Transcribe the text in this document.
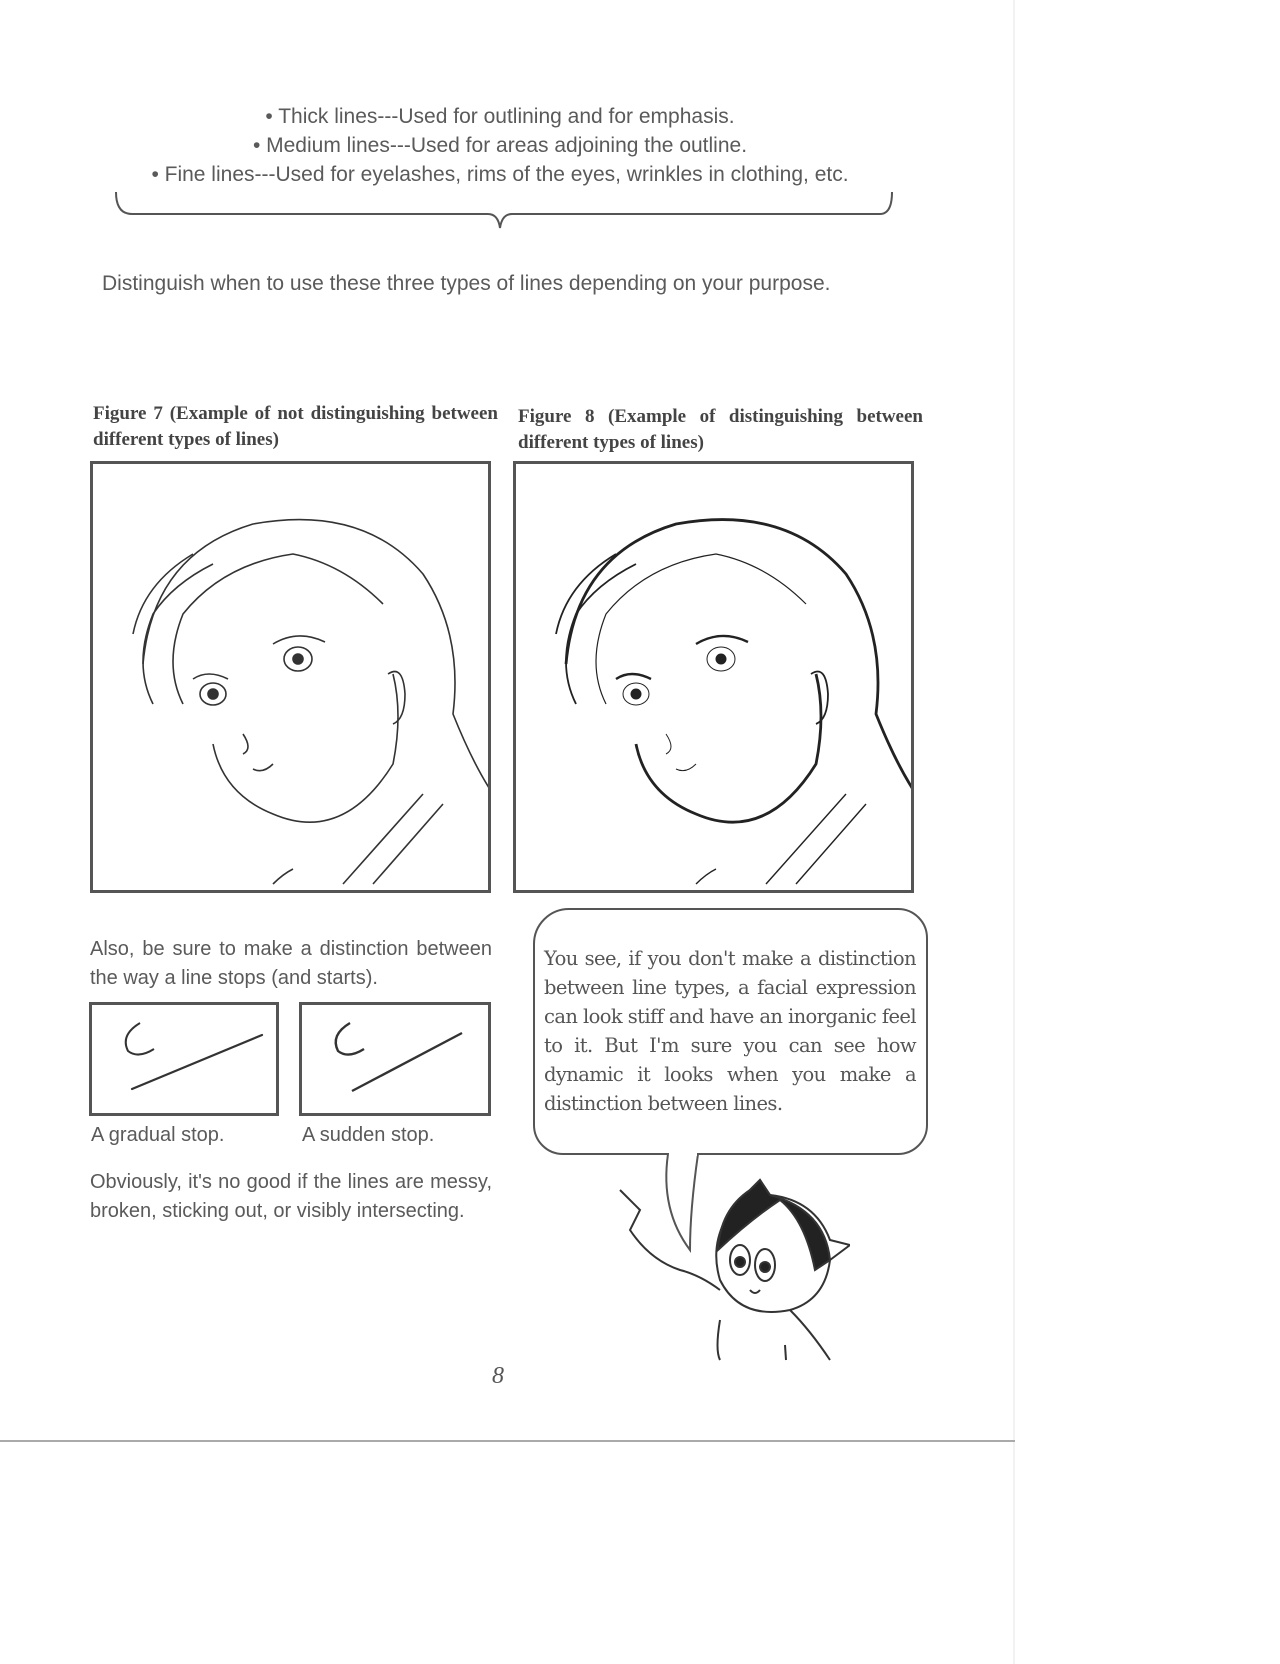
• Thick lines---Used for outlining and for emphasis.
• Medium lines---Used for areas adjoining the outline.
• Fine lines---Used for eyelashes, rims of the eyes, wrinkles in clothing, etc.
Distinguish when to use these three types of lines depending on your purpose.
Figure 7 (Example of not distinguishing between different types of lines)
Figure 8 (Example of distinguishing between different types of lines)
Also, be sure to make a distinction between the way a line stops (and starts).
A gradual stop.	A sudden stop.
Obviously, it's no good if the lines are messy, broken, sticking out, or visibly intersecting.
You see, if you don't make a distinction between line types, a facial expression can look stiff and have an inorganic feel to it. But I'm sure you can see how dynamic it looks when you make a distinction between lines.
8
